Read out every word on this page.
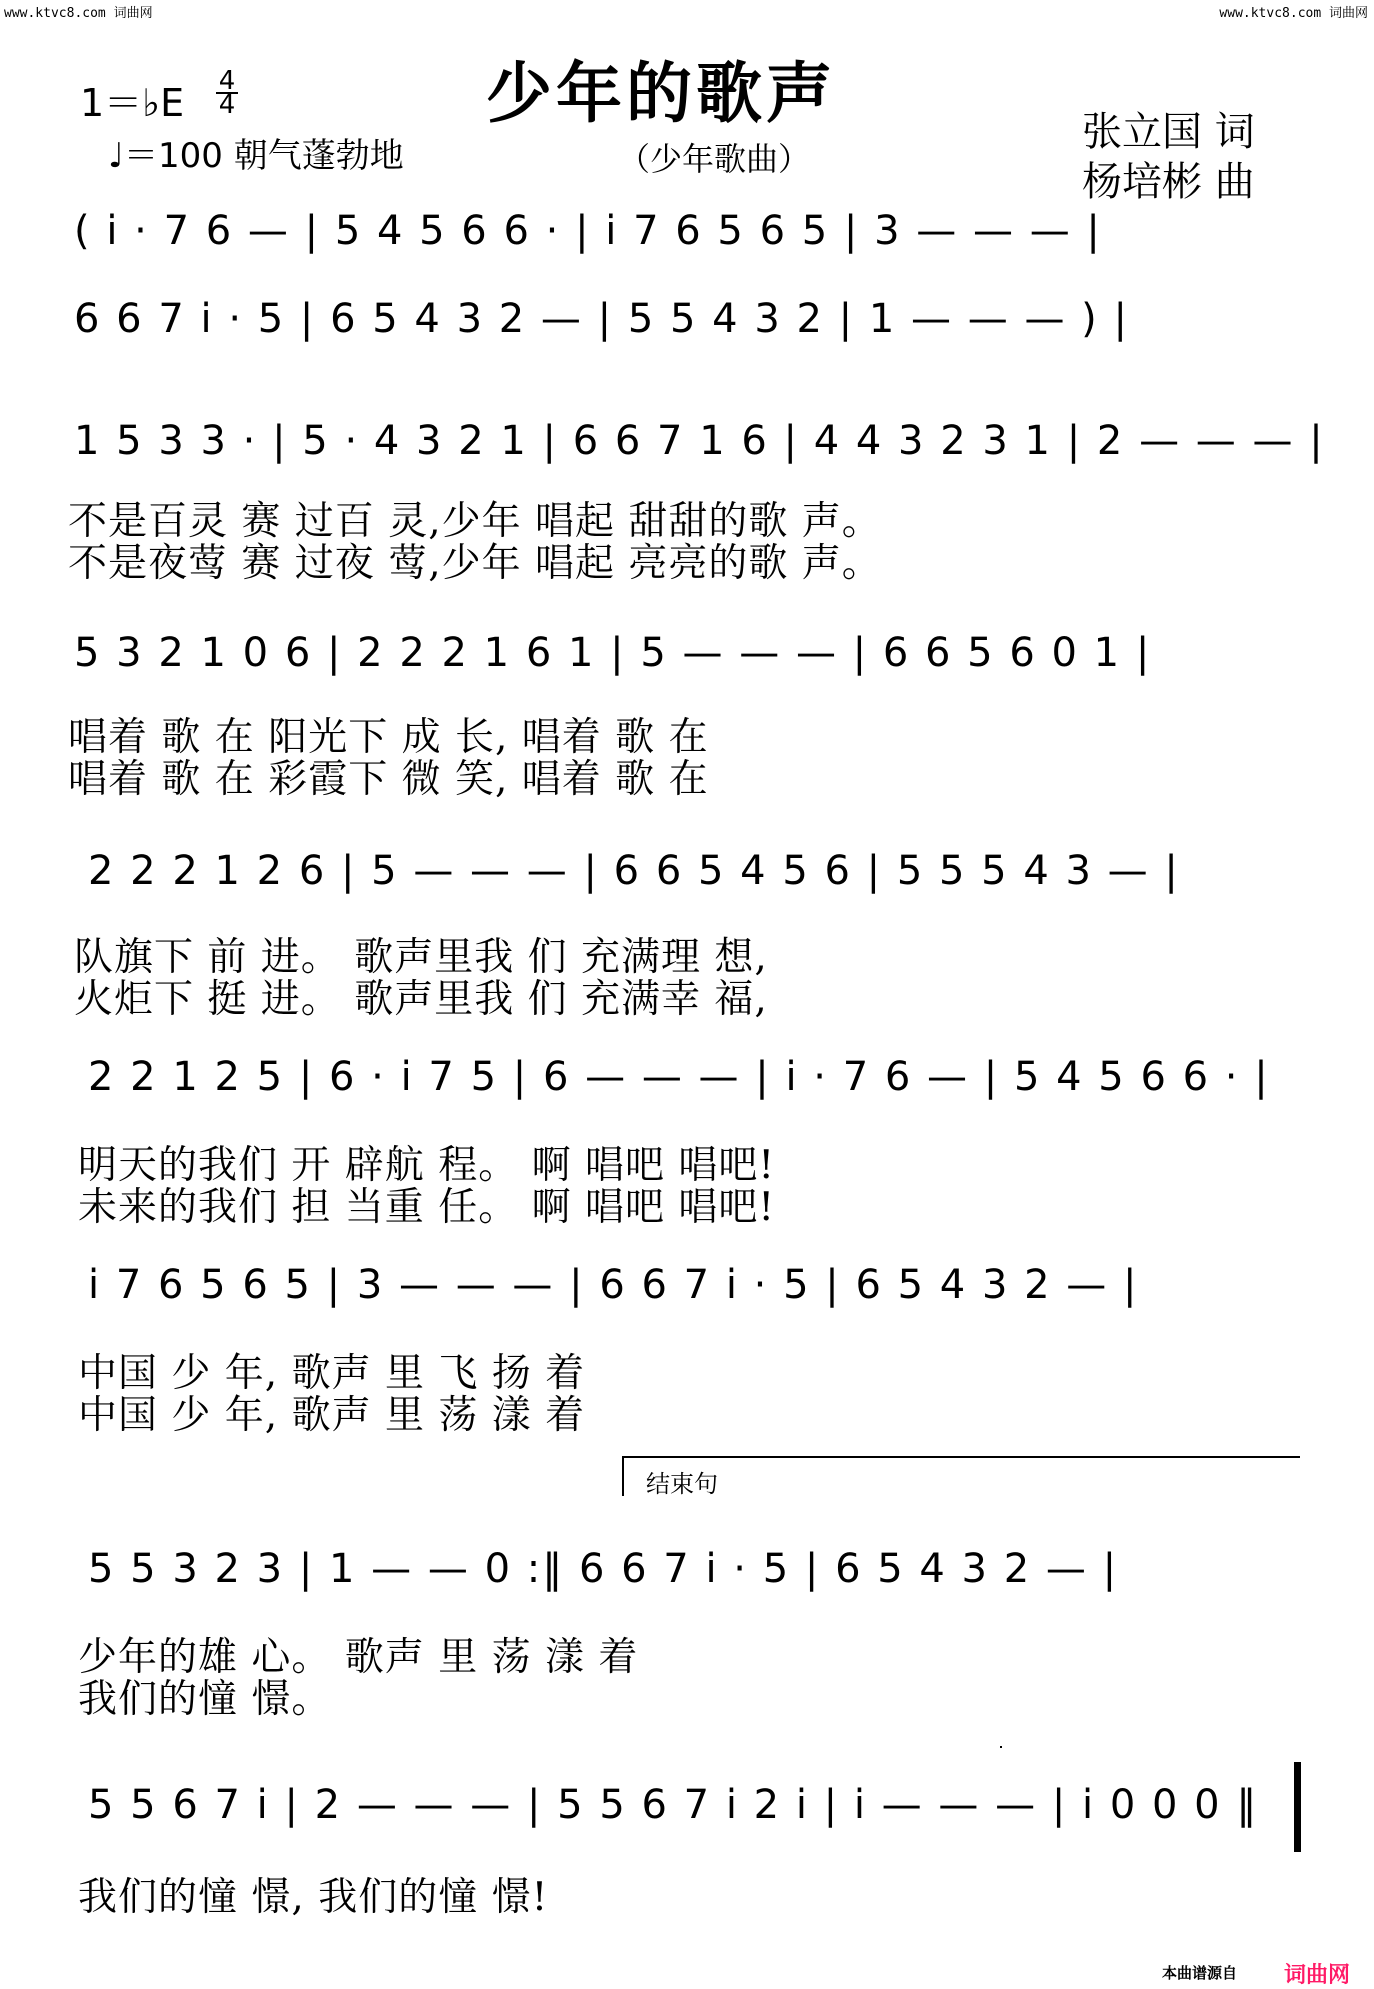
www.ktvc8.com 词曲网	www.ktvc8.com 词曲网
1＝♭E 4
4
♩＝100 朝气蓬勃地
少年的歌声
（少年歌曲）
张立国 词
杨培彬 曲
( i · 7 6 — | 5 4 5 6 6 · | i 7 6 5 6 5 | 3 — — — |
6 6 7 i · 5 | 6 5 4 3 2 — | 5 5 4 3 2 | 1 — — — ) |
1 5 3 3 · | 5 · 4 3 2 1 | 6 6 7 1 6 | 4 4 3 2 3 1 | 2 — — — |
不是百灵 赛 过百 灵,少年 唱起 甜甜的歌 声。
不是夜莺 赛 过夜 莺,少年 唱起 亮亮的歌 声。
5 3 2 1 0 6 | 2 2 2 1 6 1 | 5 — — — | 6 6 5 6 0 1 |
唱着 歌 在 阳光下 成 长, 唱着 歌 在
唱着 歌 在 彩霞下 微 笑, 唱着 歌 在
2 2 2 1 2 6 | 5 — — — | 6 6 5 4 5 6 | 5 5 5 4 3 — |
队旗下 前 进。 歌声里我 们 充满理 想,
火炬下 挺 进。 歌声里我 们 充满幸 福,
2 2 1 2 5 | 6 · i 7 5 | 6 — — — | i · 7 6 — | 5 4 5 6 6 · |
明天的我们 开 辟航 程。 啊 唱吧 唱吧!
未来的我们 担 当重 任。 啊 唱吧 唱吧!
i 7 6 5 6 5 | 3 — — — | 6 6 7 i · 5 | 6 5 4 3 2 — |
中国 少 年, 歌声 里 飞 扬 着
中国 少 年, 歌声 里 荡 漾 着
结束句
5 5 3 2 3 | 1 — — 0 :‖ 6 6 7 i · 5 | 6 5 4 3 2 — |
少年的雄 心。 歌声 里 荡 漾 着
我们的憧 憬。
5 5 6 7 i | 2 — — — | 5 5 6 7 i 2 i | i — — — | i 0 0 0 ‖
我们的憧 憬, 我们的憧 憬!
本曲谱源自 词曲网
